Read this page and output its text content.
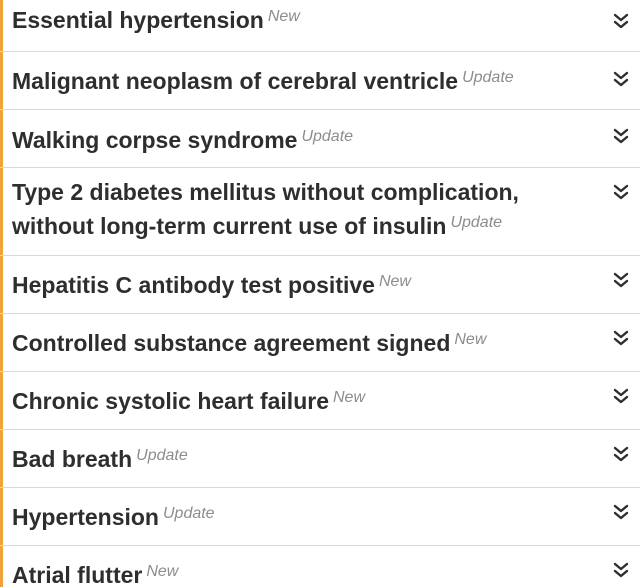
Essential hypertension $^{New}$
Malignant neoplasm of cerebral ventricle $^{Update}$
Walking corpse syndrome $^{Update}$
Type 2 diabetes mellitus without complication, without long-term current use of insulin $^{Update}$
Hepatitis C antibody test positive $^{New}$
Controlled substance agreement signed $^{New}$
Chronic systolic heart failure $^{New}$
Bad breath $^{Update}$
Hypertension $^{Update}$
Atrial flutter $^{New}$
